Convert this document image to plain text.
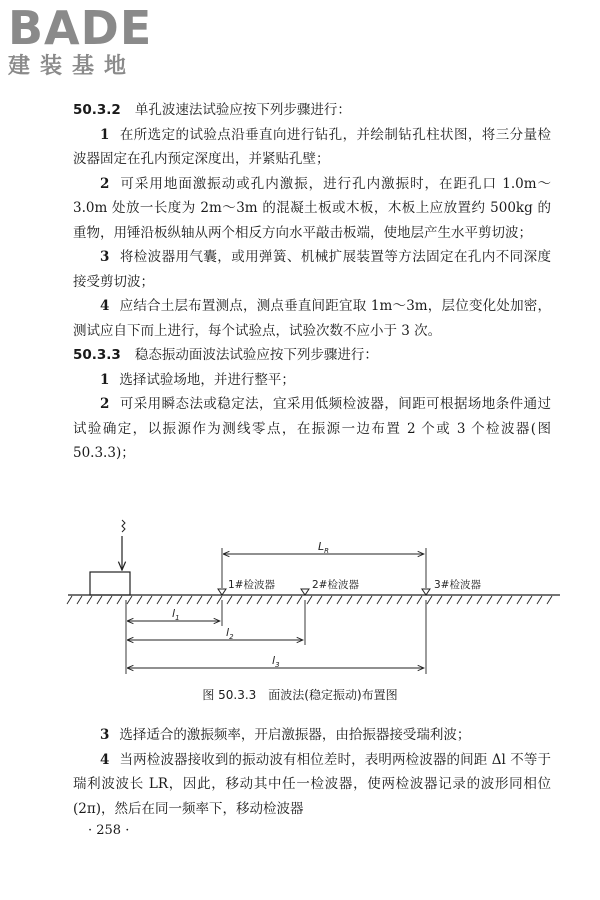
BADE
建装基地

50.3.2 单孔波速法试验应按下列步骤进行：

1 在所选定的试验点沿垂直向进行钻孔，并绘制钻孔柱状图，将三分量检波器固定在孔内预定深度出，并紧贴孔壁；

2 可采用地面激振动或孔内激振，进行孔内激振时，在距孔口 1.0m～3.0m 处放一长度为 2m～3m 的混凝土板或木板，木板上应放置约 500kg 的重物，用锤沿板纵轴从两个相反方向水平敲击板端，使地层产生水平剪切波；

3 将检波器用气囊，或用弹簧、机械扩展装置等方法固定在孔内不同深度接受剪切波；

4 应结合土层布置测点，测点垂直间距宜取 1m～3m，层位变化处加密，测试应自下而上进行，每个试验点，试验次数不应小于 3 次。

50.3.3 稳态振动面波法试验应按下列步骤进行：

1 选择试验场地，并进行整平；

2 可采用瞬态法或稳定法，宜采用低频检波器，间距可根据场地条件通过试验确定，以振源作为测线零点，在振源一边布置 2 个或 3 个检波器(图 50.3.3)；

1#检波器	2#检波器	3#检波器
$L_R$
$l_1$
$l_2$
$l_3$
图 50.3.3　面波法(稳定振动)布置图

3 选择适合的激振频率，开启激振器，由拾振器接受瑞利波；

4 当两检波器接收到的振动波有相位差时，表明两检波器的间距 Δl 不等于瑞利波波长 LR，因此，移动其中任一检波器，使两检波器记录的波形同相位(2π)，然后在同一频率下，移动检波器

· 258 ·
